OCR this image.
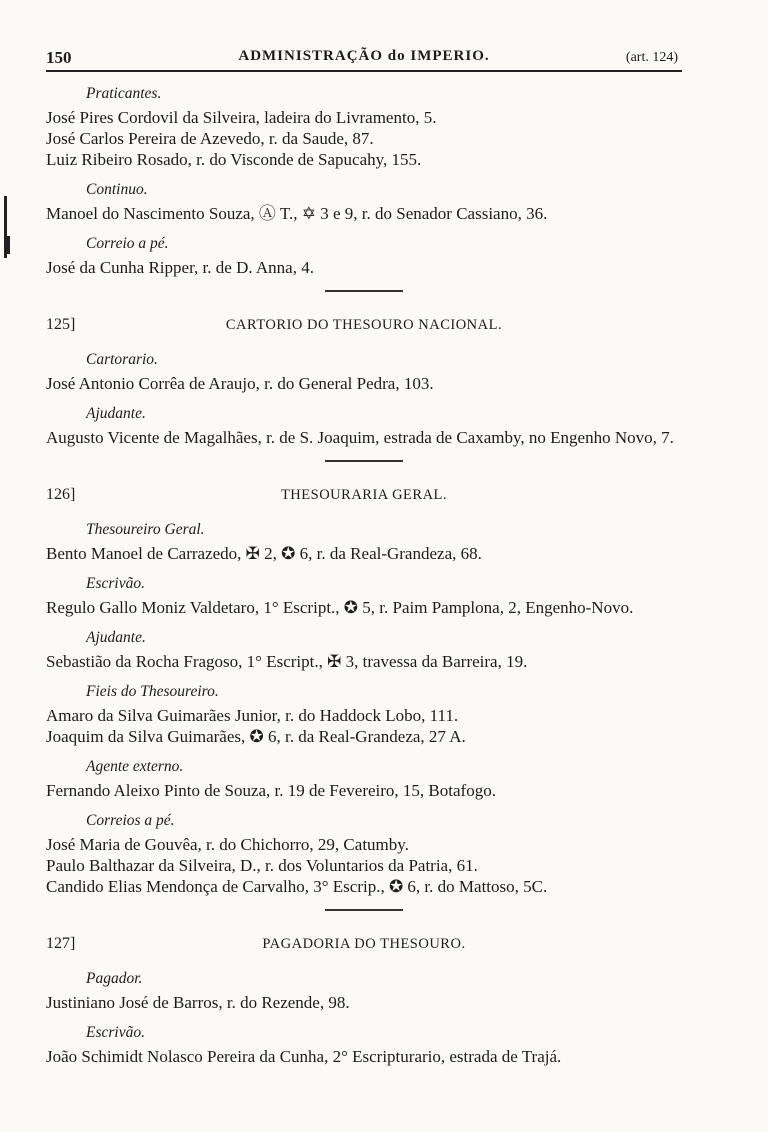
150	ADMINISTRAÇÃO do IMPERIO.	(art. 124)
Praticantes.

José Pires Cordovil da Silveira, ladeira do Livramento, 5.

José Carlos Pereira de Azevedo, r. da Saude, 87.

Luiz Ribeiro Rosado, r. do Visconde de Sapucahy, 155.

Continuo.

Manoel do Nascimento Souza, Ⓐ T., ✡ 3 e 9, r. do Senador Cassiano, 36.

Correio a pé.

José da Cunha Ripper, r. de D. Anna, 4.

125]	CARTORIO DO THESOURO NACIONAL.
Cartorario.

José Antonio Corrêa de Araujo, r. do General Pedra, 103.

Ajudante.

Augusto Vicente de Magalhães, r. de S. Joaquim, estrada de Caxamby, no Engenho Novo, 7.

126]	THESOURARIA GERAL.
Thesoureiro Geral.

Bento Manoel de Carrazedo, ✠ 2, ✪ 6, r. da Real-Grandeza, 68.

Escrivão.

Regulo Gallo Moniz Valdetaro, 1° Escript., ✪ 5, r. Paim Pamplona, 2, Engenho-Novo.

Ajudante.

Sebastião da Rocha Fragoso, 1° Escript., ✠ 3, travessa da Barreira, 19.

Fieis do Thesoureiro.

Amaro da Silva Guimarães Junior, r. do Haddock Lobo, 111.

Joaquim da Silva Guimarães, ✪ 6, r. da Real-Grandeza, 27 A.

Agente externo.

Fernando Aleixo Pinto de Souza, r. 19 de Fevereiro, 15, Botafogo.

Correios a pé.

José Maria de Gouvêa, r. do Chichorro, 29, Catumby.

Paulo Balthazar da Silveira, D., r. dos Voluntarios da Patria, 61.

Candido Elias Mendonça de Carvalho, 3° Escrip., ✪ 6, r. do Mattoso, 5C.

127]	PAGADORIA DO THESOURO.
Pagador.

Justiniano José de Barros, r. do Rezende, 98.

Escrivão.

João Schimidt Nolasco Pereira da Cunha, 2° Escripturario, estrada de Trajá.
